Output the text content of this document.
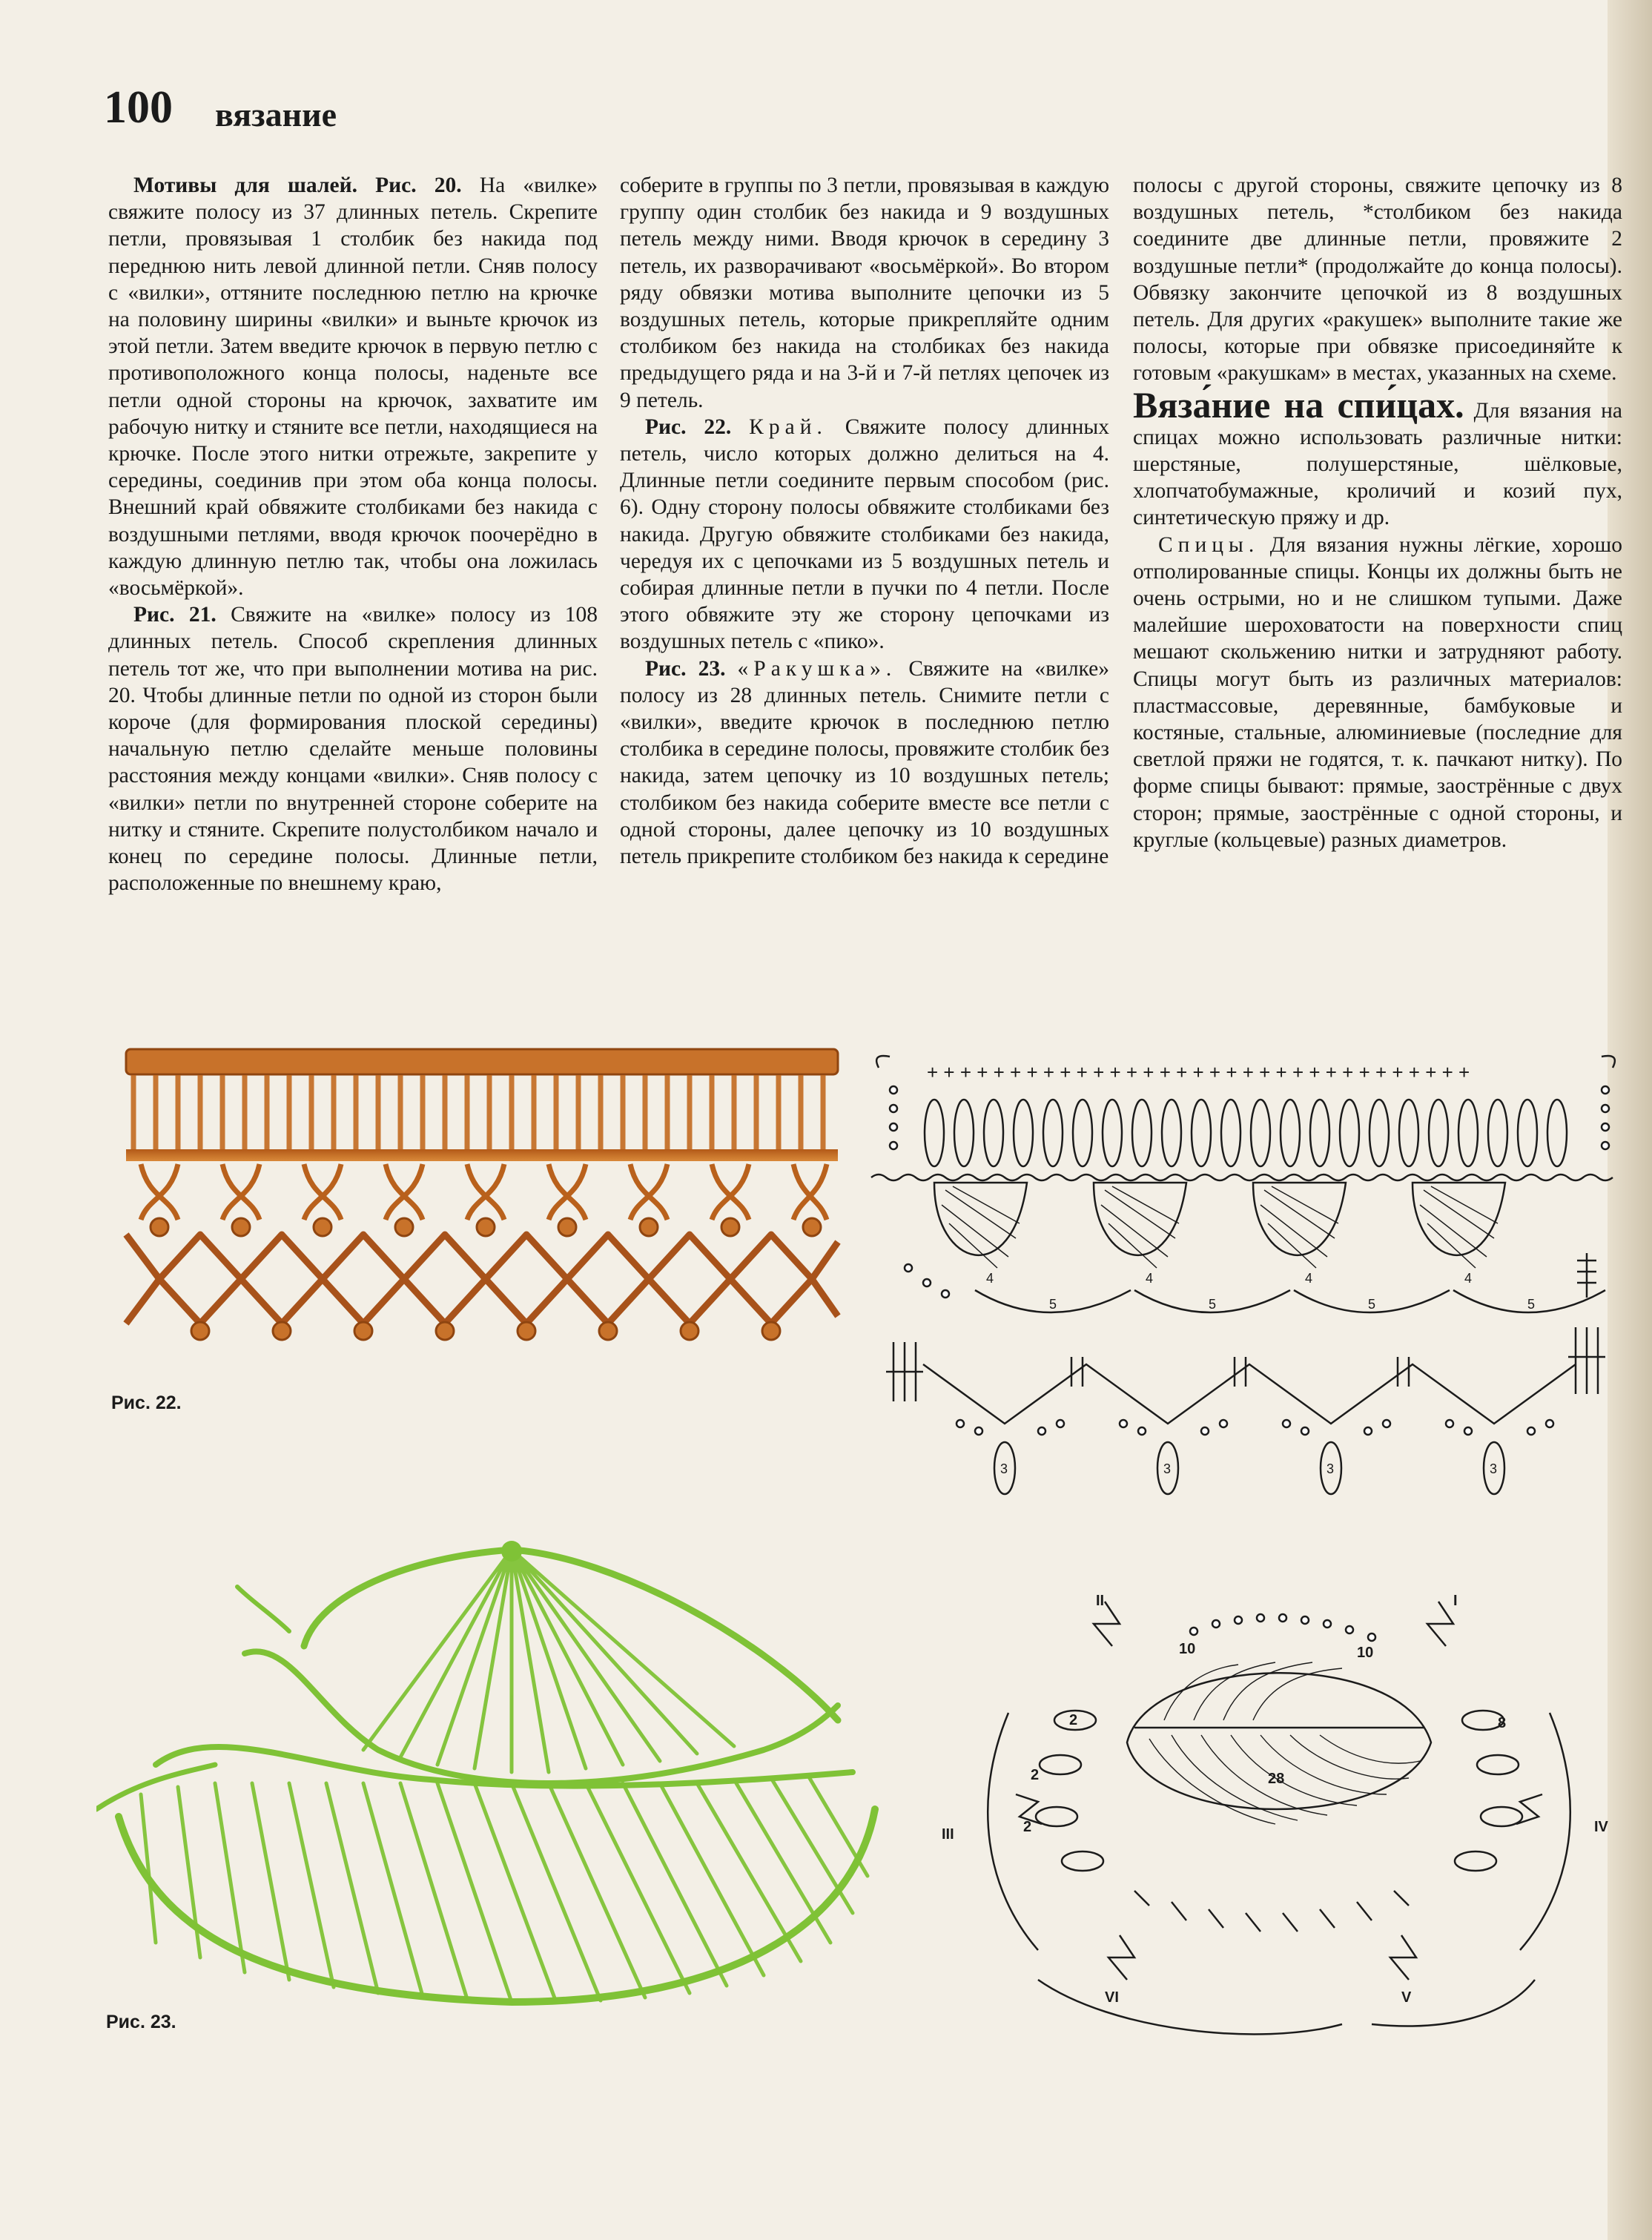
100 вязание

Мотивы для шалей. Рис. 20. На «вилке» свяжите полосу из 37 длинных петель. Скрепите петли, провязывая 1 столбик без накида под переднюю нить левой длинной петли. Сняв полосу с «вилки», оттяните последнюю петлю на крючке на половину ширины «вилки» и выньте крючок из этой петли. Затем введите крючок в первую петлю с противоположного конца полосы, наденьте все петли одной стороны на крючок, захватите им рабочую нитку и стяните все петли, находящиеся на крючке. После этого нитки отрежьте, закрепите у середины, соединив при этом оба конца полосы. Внешний край обвяжите столбиками без накида с воздушными петлями, вводя крючок поочерёдно в каждую длинную петлю так, чтобы она ложилась «восьмёркой».

Рис. 21. Свяжите на «вилке» полосу из 108 длинных петель. Способ скрепления длинных петель тот же, что при выполнении мотива на рис. 20. Чтобы длинные петли по одной из сторон были короче (для формирования плоской середины) начальную петлю сделайте меньше половины расстояния между концами «вилки». Сняв полосу с «вилки» петли по внутренней стороне соберите на нитку и стяните. Скрепите полустолбиком начало и конец по середине полосы. Длинные петли, расположенные по внешнему краю,

соберите в группы по 3 петли, провязывая в каждую группу один столбик без накида и 9 воздушных петель между ними. Вводя крючок в середину 3 петель, их разворачивают «восьмёркой». Во втором ряду обвязки мотива выполните цепочки из 5 воздушных петель, которые прикрепляйте одним столбиком без накида на столбиках без накида предыдущего ряда и на 3-й и 7-й петлях цепочек из 9 петель.

Рис. 22. Край. Свяжите полосу длинных петель, число которых должно делиться на 4. Длинные петли соедините первым способом (рис. 6). Одну сторону полосы обвяжите столбиками без накида. Другую обвяжите столбиками без накида, чередуя их с цепочками из 5 воздушных петель и собирая длинные петли в пучки по 4 петли. После этого обвяжите эту же сторону цепочками из воздушных петель с «пико».

Рис. 23. «Ракушка». Свяжите на «вилке» полосу из 28 длинных петель. Снимите петли с «вилки», введите крючок в последнюю петлю столбика в середине полосы, провяжите столбик без накида, затем цепочку из 10 воздушных петель; столбиком без накида соберите вместе все петли с одной стороны, далее цепочку из 10 воздушных петель прикрепите столбиком без накида к середине

полосы с другой стороны, свяжите цепочку из 8 воздушных петель, *столбиком без накида соедините две длинные петли, провяжите 2 воздушные петли* (продолжайте до конца полосы). Обвязку закончите цепочкой из 8 воздушных петель. Для других «ракушек» выполните такие же полосы, которые при обвязке присоединяйте к готовым «ракушкам» в местах, указанных на схеме.

Вяза́ние на спи́цах. Для вязания на спицах можно использовать различные нитки: шерстяные, полушерстяные, шёлковые, хлопчатобумажные, кроличий и козий пух, синтетическую пряжу и др.

Спицы. Для вязания нужны лёгкие, хорошо отполированные спицы. Концы их должны быть не очень острыми, но и не слишком тупыми. Даже малейшие шероховатости на поверхности спиц мешают скольжению нитки и затрудняют работу. Спицы могут быть из различных материалов: пластмассовые, деревянные, бамбуковые и костяные, стальные, алюминиевые (последние для светлой пряжи не годятся, т. к. пачкают нитку). По форме спицы бывают: прямые, заострённые с двух сторон; прямые, заострённые с одной стороны, и круглые (кольцевые) разных диаметров.

Рис. 22.
+ + + + + + + + + + + + + + + + + + + + + + + + + + + + + + + + +
4	4	4	4
5	5	5	5
3	3	3	3
Рис. 23.
28
10	10
8
2
2
2
II	I
III	IV
V
VI
